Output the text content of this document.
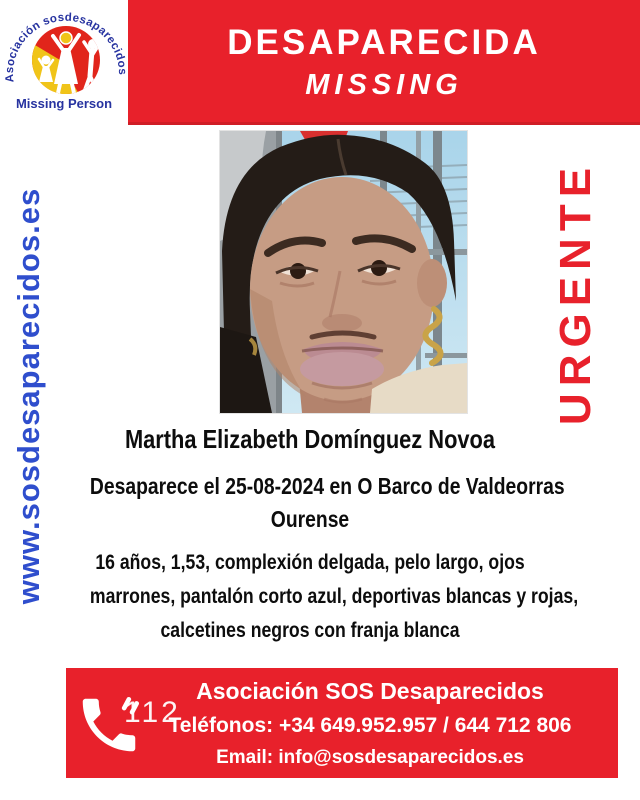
Asociación sosdesaparecidos
Missing Person
DESAPARECIDA
MISSING
www.sosdesaparecidos.es	URGENTE
Martha Elizabeth Domínguez Novoa
Desaparece el 25-08-2024 en O Barco de Valdeorras
Ourense
16 años, 1,53, complexión delgada, pelo largo, ojos
marrones, pantalón corto azul, deportivas blancas y rojas,
calcetines negros con franja blanca
112
Asociación SOS Desaparecidos
Teléfonos: +34 649.952.957 / 644 712 806
Email: info@sosdesaparecidos.es
